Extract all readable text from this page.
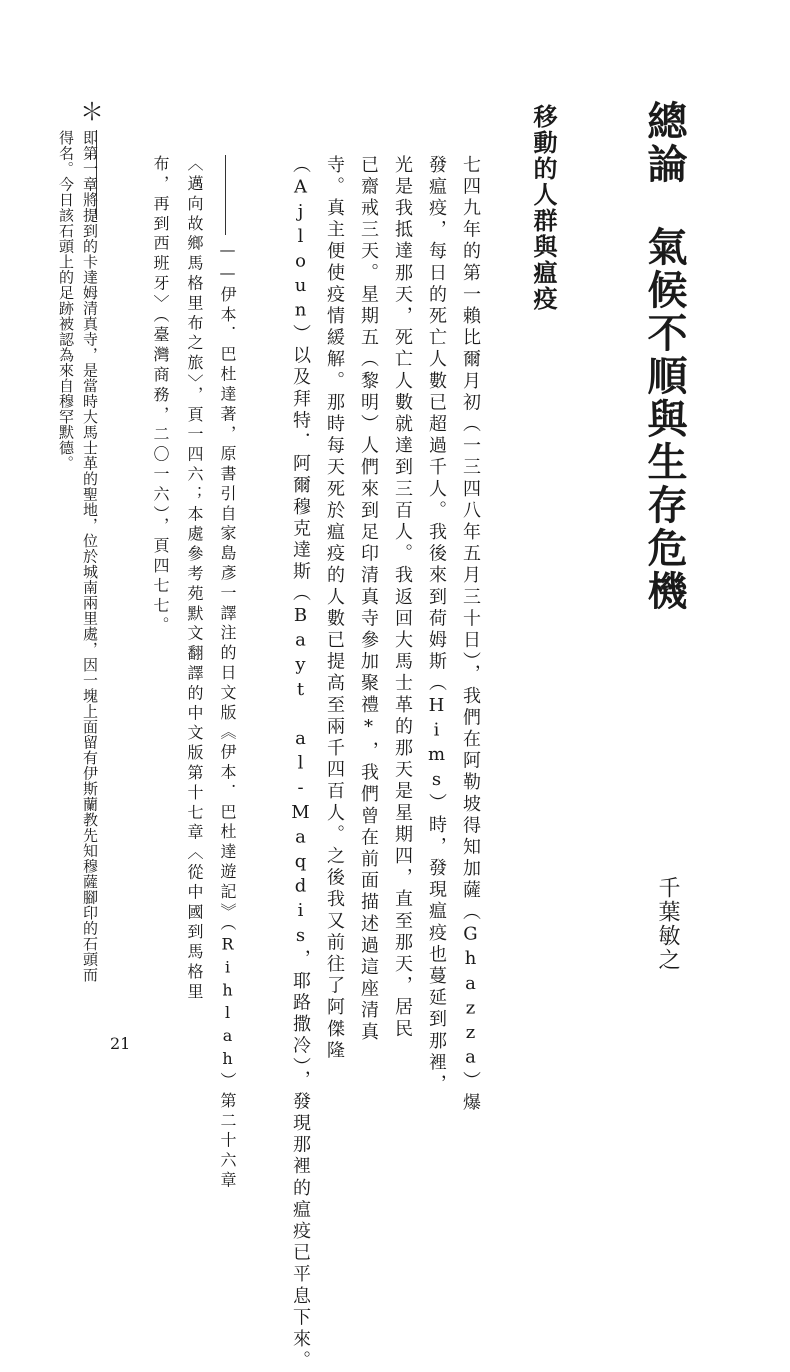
總論
氣候不順與生存危機
移動的人群與瘟疫
千葉敏之
七四九年的第一賴比爾月初（一三四八年五月三十日），我們在阿勒坡得知加薩（Ghazza）爆
發瘟疫，每日的死亡人數已超過千人。我後來到荷姆斯（Hims）時，發現瘟疫也蔓延到那裡，
光是我抵達那天，死亡人數就達到三百人。我返回大馬士革的那天是星期四，直至那天，居民
已齋戒三天。星期五（黎明）人們來到足印清真寺參加聚禮*，我們曾在前面描述過這座清真
寺。真主便使疫情緩解。那時每天死於瘟疫的人數已提高至兩千四百人。之後我又前往了阿傑隆
（Ajloun）以及拜特．阿爾穆克達斯（Bayt al-Maqdis，耶路撒冷），發現那裡的瘟疫已平息下來。
——伊本．巴杜達著，原書引自家島彥一譯注的日文版《伊本．巴杜達遊記》（Rihlah）第二十六章
〈邁向故鄉馬格里布之旅〉，頁一四六；本處參考苑默文翻譯的中文版第十七章〈從中國到馬格里
布，再到西班牙〉（臺灣商務，二〇一六），頁四七七。
＊
即第一章將提到的卡達姆清真寺，是當時大馬士革的聖地，位於城南兩里處，因一塊上面留有伊斯蘭教先知穆薩腳印的石頭而
得名。今日該石頭上的足跡被認為來自穆罕默德。
21
